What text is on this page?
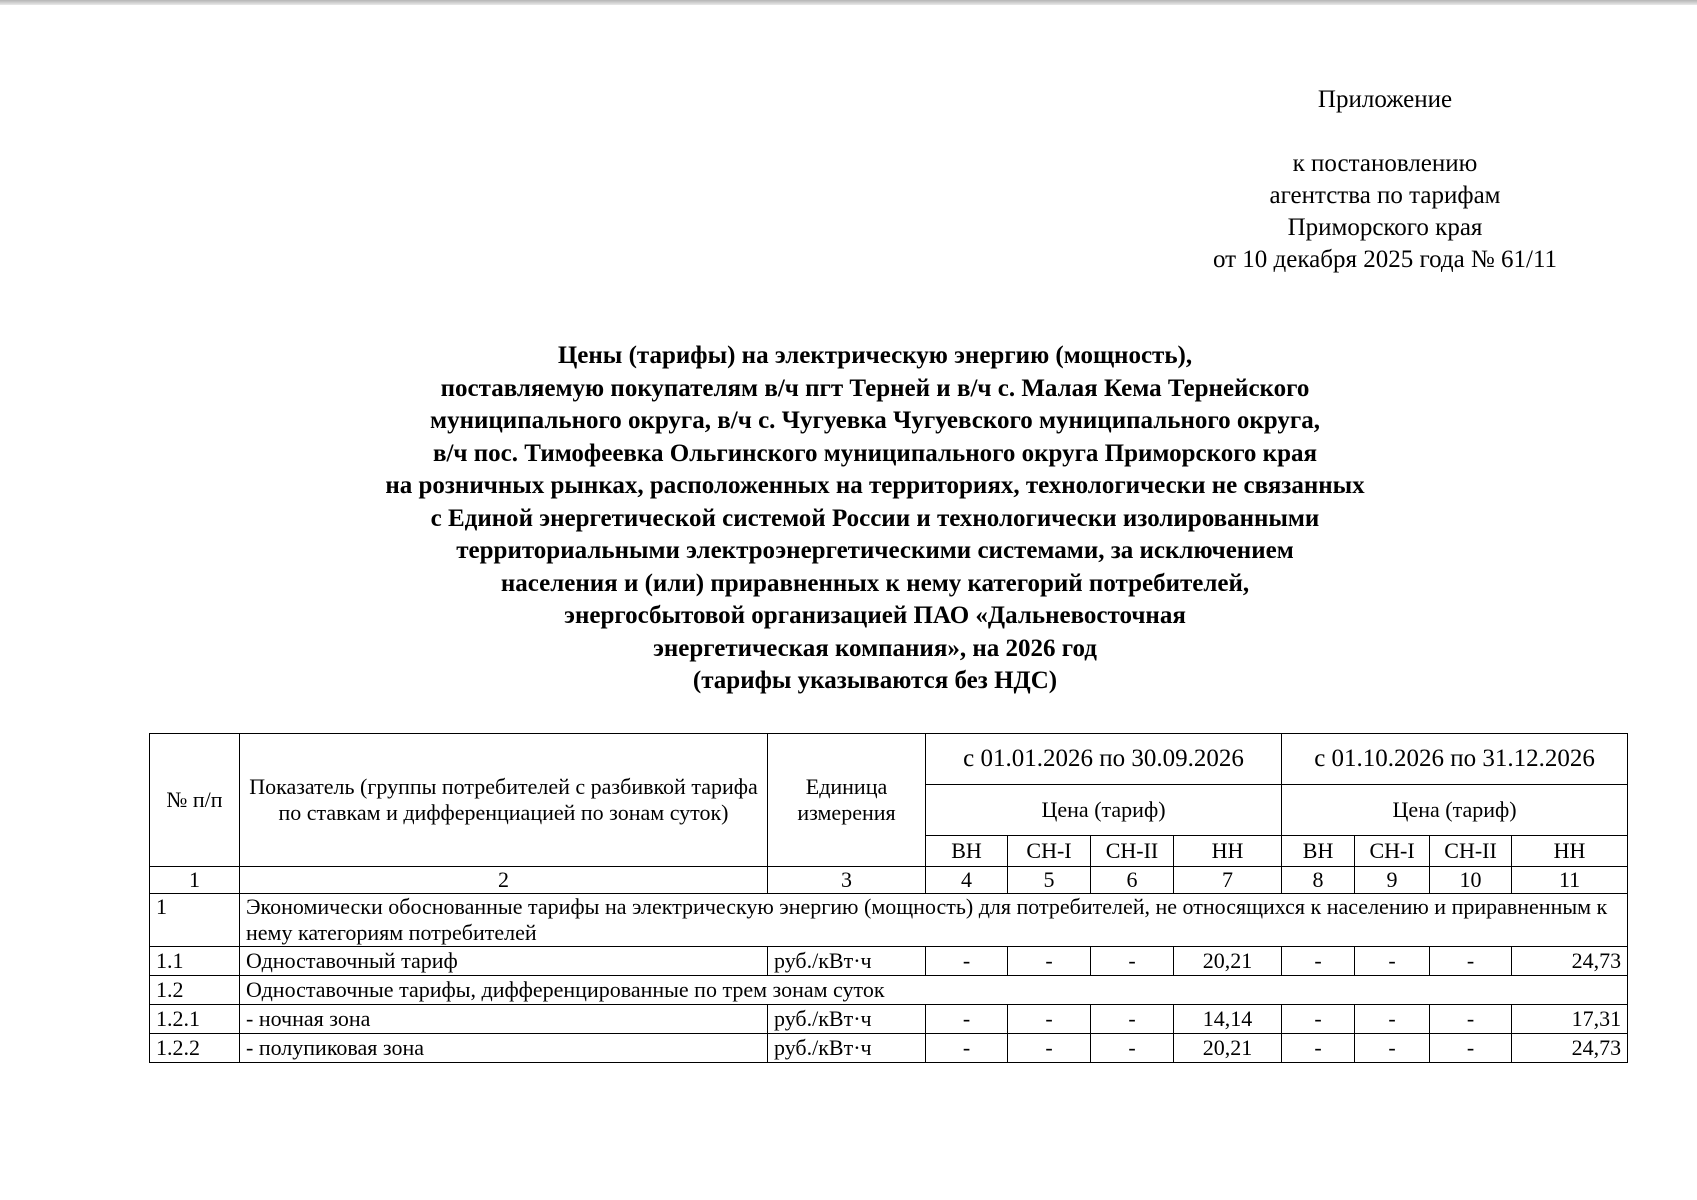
Приложение
к постановлению
агентства по тарифам
Приморского края
от 10 декабря 2025 года № 61/11
Цены (тарифы) на электрическую энергию (мощность),
поставляемую покупателям в/ч пгт Терней и в/ч с. Малая Кема Тернейского
муниципального округа, в/ч с. Чугуевка Чугуевского муниципального округа,
в/ч пос. Тимофеевка Ольгинского муниципального округа Приморского края
на розничных рынках, расположенных на территориях, технологически не связанных
с Единой энергетической системой России и технологически изолированными
территориальными электроэнергетическими системами, за исключением
населения и (или) приравненных к нему категорий потребителей,
энергосбытовой организацией ПАО «Дальневосточная
энергетическая компания», на 2026 год
(тарифы указываются без НДС)
№ п/п	Показатель (группы потребителей с разбивкой тарифа по ставкам и дифференциацией по зонам суток)	Единица измерения	с 01.01.2026 по 30.09.2026				с 01.10.2026 по 31.12.2026			
			Цена (тариф)				Цена (тариф)			
			ВН	СН-I	СН-II	НН	ВН	СН-I	СН-II	НН
1	2	3	4	5	6	7	8	9	10	11
1	Экономически обоснованные тарифы на электрическую энергию (мощность) для потребителей, не относящихся к населению и приравненным к нему категориям потребителей									
1.1	Одноставочный тариф	руб./кВт·ч	-	-	-	20,21	-	-	-	24,73
1.2	Одноставочные тарифы, дифференцированные по трем зонам суток									
1.2.1	- ночная зона	руб./кВт·ч	-	-	-	14,14	-	-	-	17,31
1.2.2	- полупиковая зона	руб./кВт·ч	-	-	-	20,21	-	-	-	24,73
